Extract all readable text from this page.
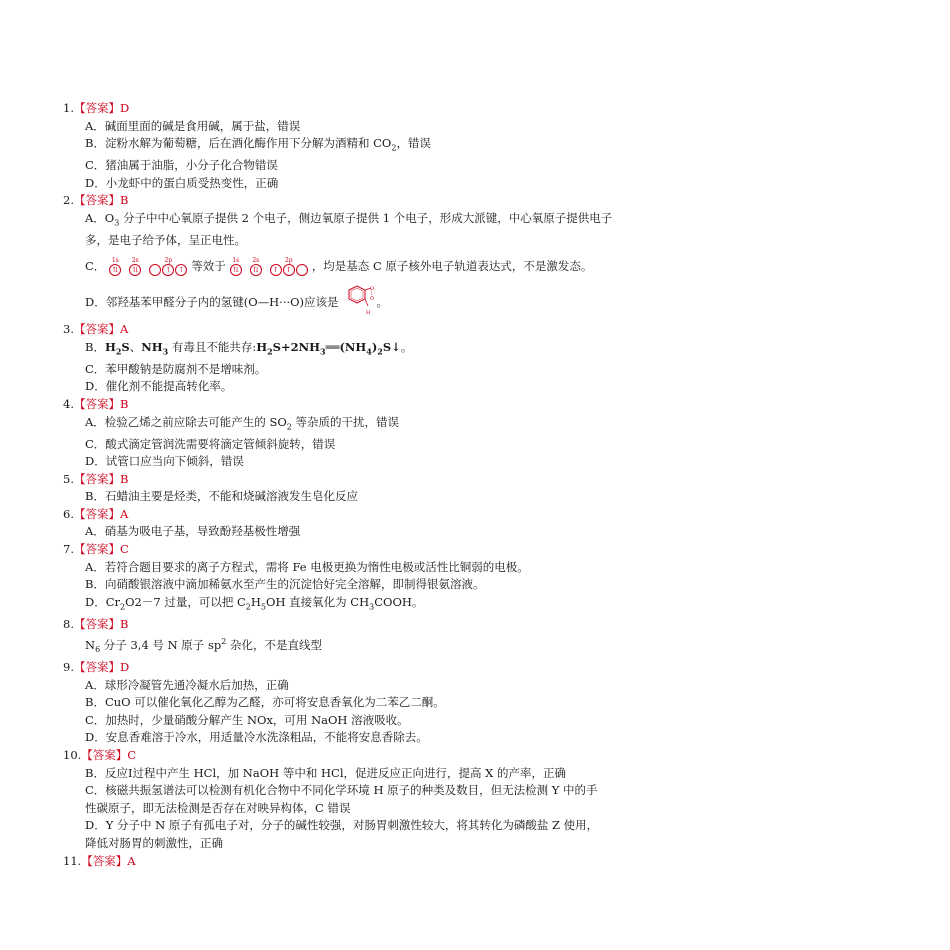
1.【答案】D
A．碱面里面的碱是食用碱，属于盐，错误
B．淀粉水解为葡萄糖，后在酒化酶作用下分解为酒精和 $CO_2$，错误
C．猪油属于油脂，小分子化合物错误
D．小龙虾中的蛋白质受热变性，正确
2.【答案】B
A．$O_3$ 分子中中心氧原子提供 2 个电子，侧边氧原子提供 1 个电子，形成大派键，中心氧原子提供电子多，是电子给予体，呈正电性。
C． 1s
⇅
2s
⇅
2p
↑	↑ 等效于 1s
⇅
2s
⇅
2p
↑	↑ ，均是基态 C 原子核外电子轨道表达式，不是激发态。
D．邻羟基苯甲醛分子内的氢键(O—H···O)应该是
O
O
H
。
3.【答案】A
B．$H_2S$、$NH_3$ 有毒且不能共存$:H_2S+2NH_3══(NH_4)_2S↓$。
C．苯甲酸钠是防腐剂不是增味剂。
D．催化剂不能提高转化率。
4.【答案】B
A．检验乙烯之前应除去可能产生的 $SO_2$ 等杂质的干扰，错误
C．酸式滴定管润洗需要将滴定管倾斜旋转，错误
D．试管口应当向下倾斜，错误
5.【答案】B
B．石蜡油主要是烃类，不能和烧碱溶液发生皂化反应
6.【答案】A
A．硝基为吸电子基，导致酚羟基极性增强
7.【答案】C
A．若符合题目要求的离子方程式，需将 Fe 电极更换为惰性电极或活性比铜弱的电极。
B．向硝酸银溶液中滴加稀氨水至产生的沉淀恰好完全溶解，即制得银氨溶液。
D．$Cr_2O2-7$ 过量，可以把 $C_2H_5OH$ 直接氧化为 $CH_3COOH$。
8.【答案】B
$N_6$ 分子 3,4 号 N 原子 $sp^2$ 杂化，不是直线型
9.【答案】D
A．球形冷凝管先通冷凝水后加热，正确
B．CuO 可以催化氧化乙醇为乙醛，亦可将安息香氧化为二苯乙二酮。
C．加热时，少量硝酸分解产生 NOx，可用 NaOH 溶液吸收。
D．安息香难溶于冷水，用适量冷水洗涤粗品，不能将安息香除去。
10.【答案】C
B．反应Ⅰ过程中产生 HCl，加 NaOH 等中和 HCl，促进反应正向进行，提高 X 的产率，正确
C．核磁共振氢谱法可以检测有机化合物中不同化学环境 H 原子的种类及数目，但无法检测 Y 中的手
性碳原子，即无法检测是否存在对映异构体，C 错误
D．Y 分子中 N 原子有孤电子对，分子的碱性较强，对肠胃刺激性较大，将其转化为磷酸盐 Z 使用，
降低对肠胃的刺激性，正确
11.【答案】A
